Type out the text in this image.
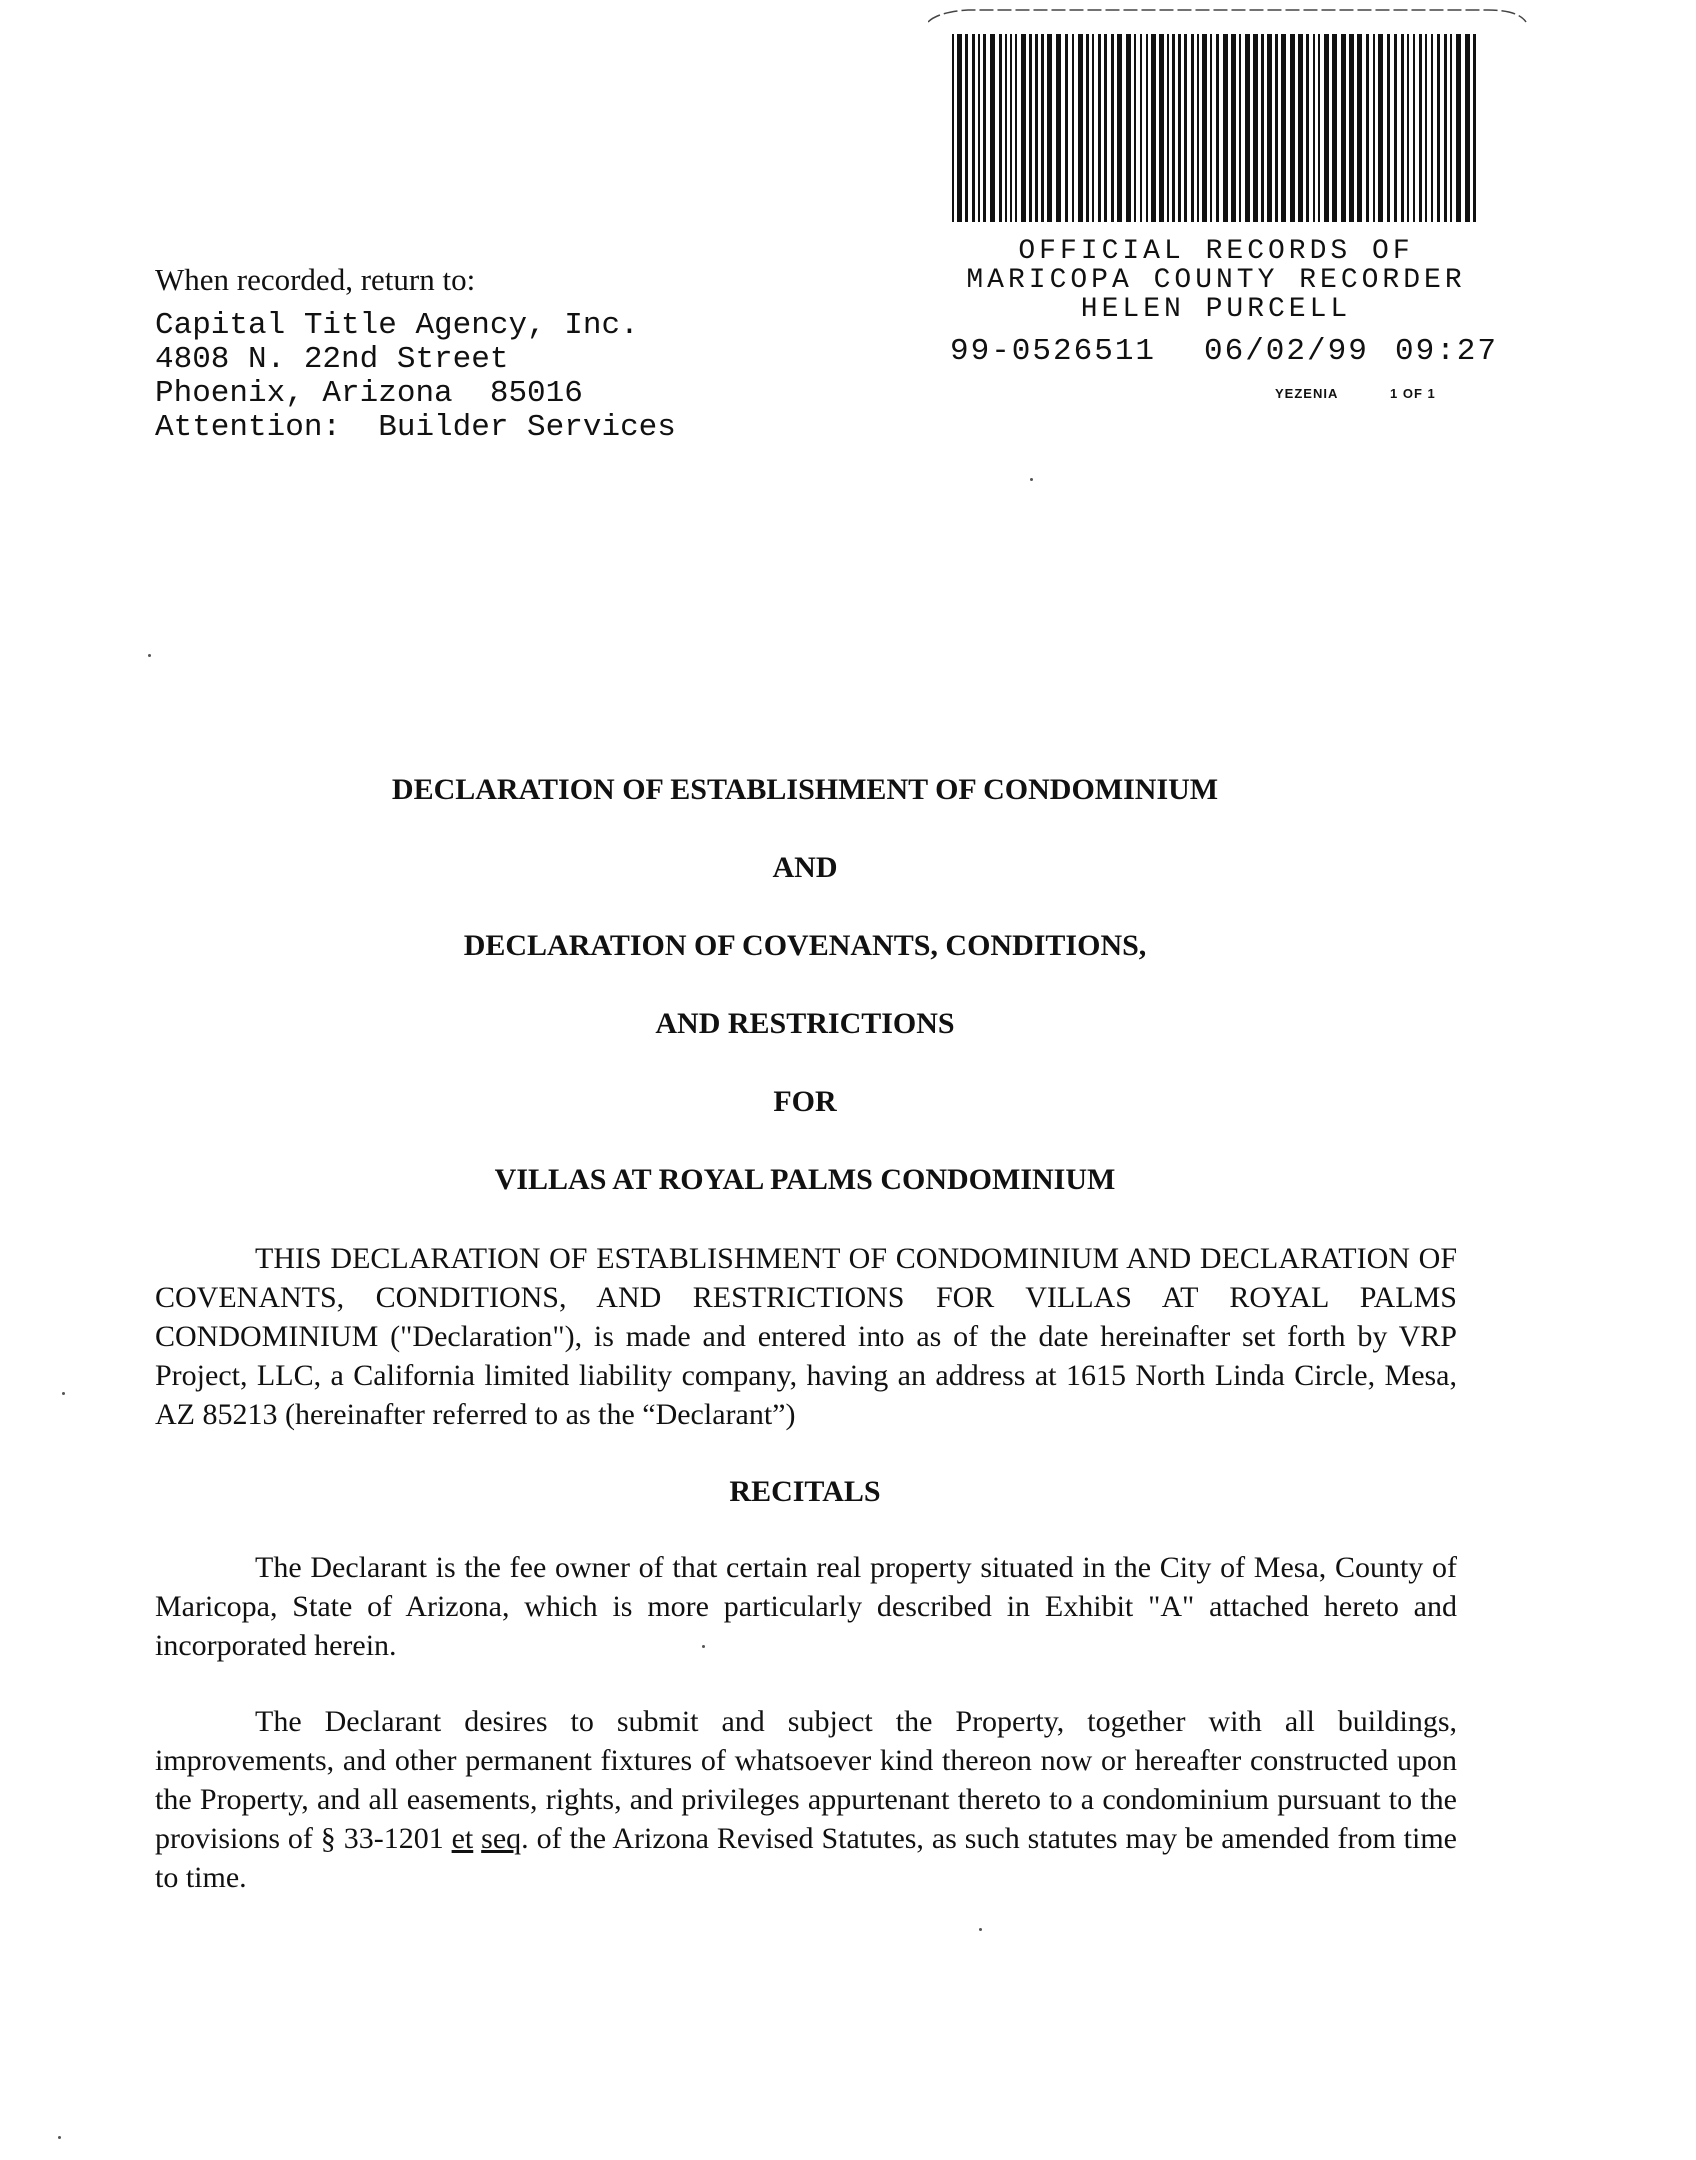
OFFICIAL RECORDS OF
MARICOPA COUNTY RECORDER
HELEN PURCELL
99-0526511 06/02/99 09:27
YEZENIA	1 OF 1
When recorded, return to:
Capital Title Agency, Inc.
4808 N. 22nd Street
Phoenix, Arizona  85016
Attention:  Builder Services
DECLARATION OF ESTABLISHMENT OF CONDOMINIUM
AND
DECLARATION OF COVENANTS, CONDITIONS,
AND RESTRICTIONS
FOR
VILLAS AT ROYAL PALMS CONDOMINIUM

THIS DECLARATION OF ESTABLISHMENT OF CONDOMINIUM AND DECLARATION OF COVENANTS, CONDITIONS, AND RESTRICTIONS FOR VILLAS AT ROYAL PALMS CONDOMINIUM ("Declaration"), is made and entered into as of the date hereinafter set forth by VRP Project, LLC, a California limited liability company, having an address at 1615 North Linda Circle, Mesa, AZ 85213 (hereinafter referred to as the “Declarant”)

RECITALS

The Declarant is the fee owner of that certain real property situated in the City of Mesa, County of Maricopa, State of Arizona, which is more particularly described in Exhibit "A" attached hereto and incorporated herein.

The Declarant desires to submit and subject the Property, together with all buildings, improvements, and other permanent fixtures of whatsoever kind thereon now or hereafter constructed upon the Property, and all easements, rights, and privileges appurtenant thereto to a condominium pursuant to the provisions of § 33-1201 et seq. of the Arizona Revised Statutes, as such statutes may be amended from time to time.
